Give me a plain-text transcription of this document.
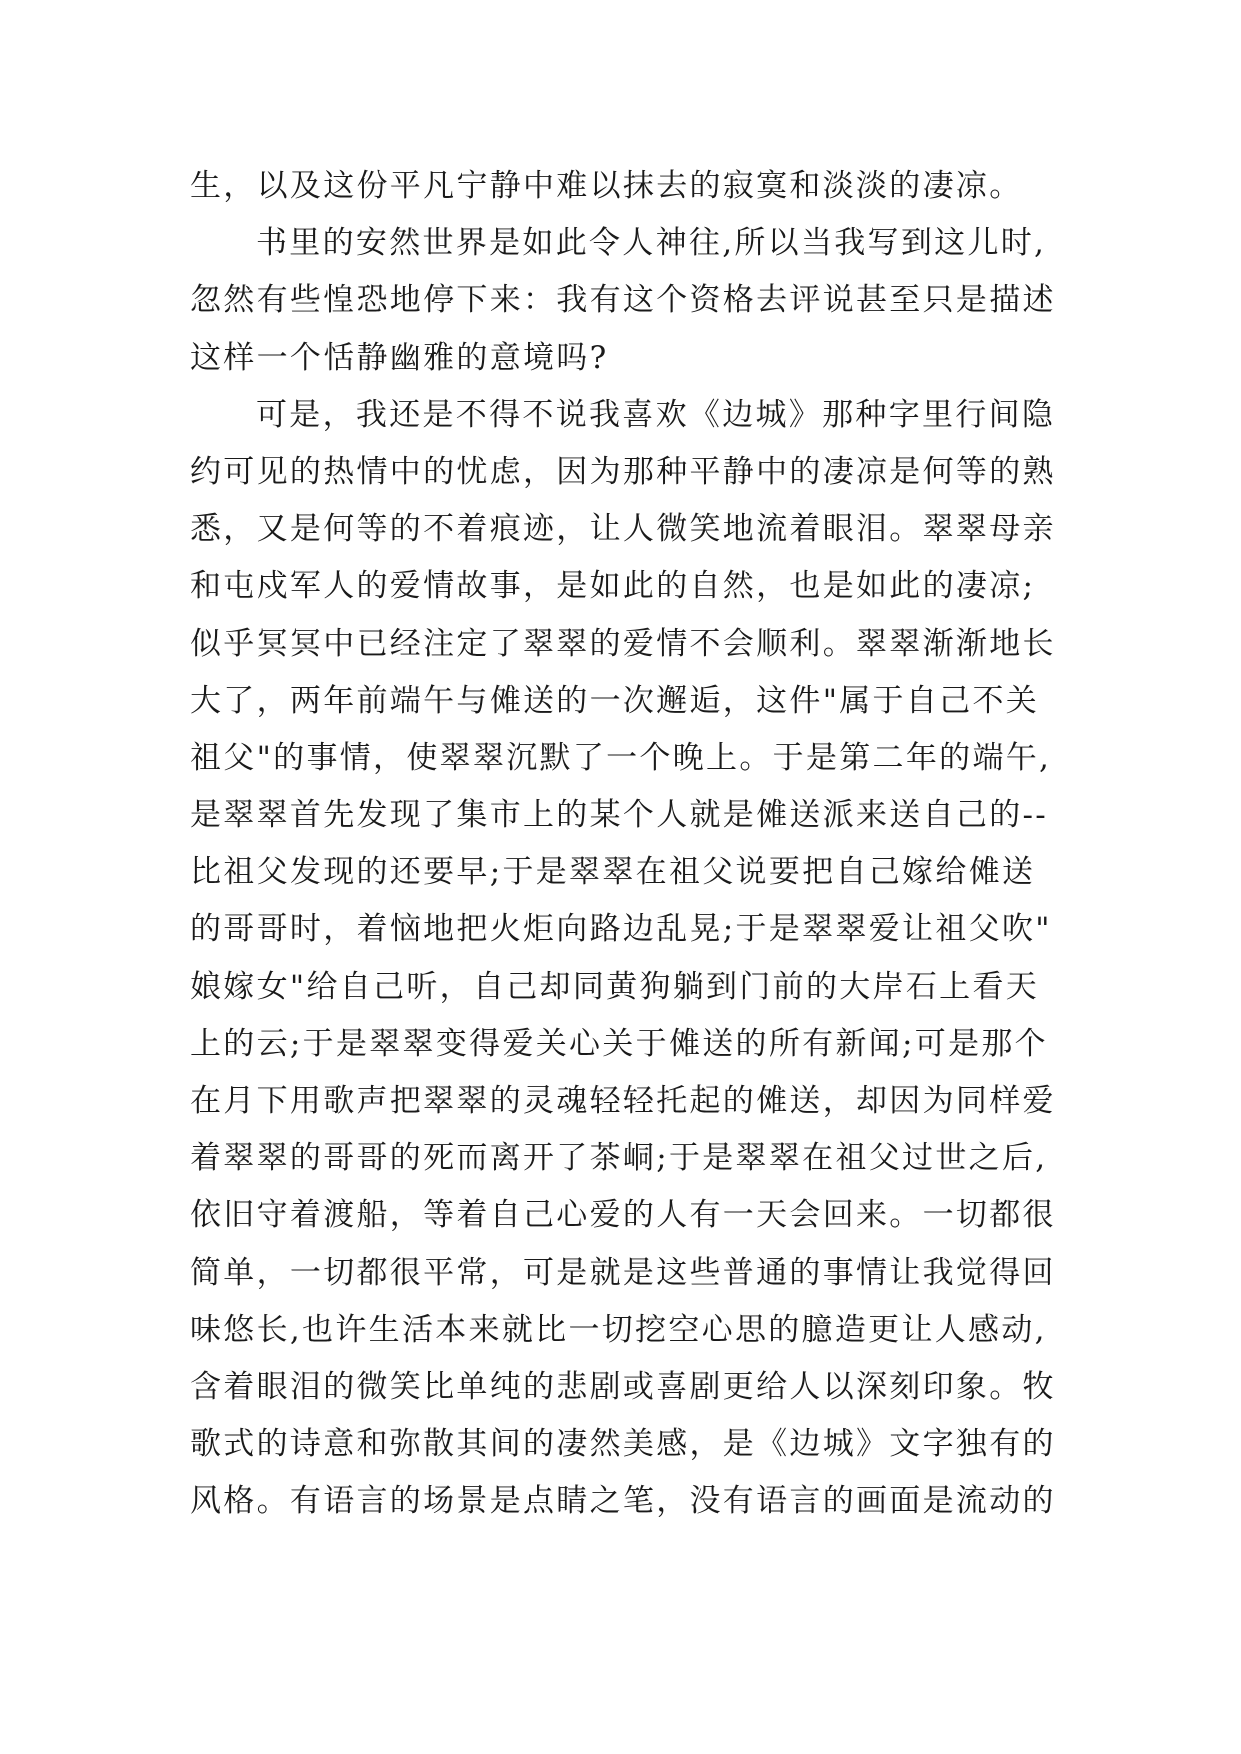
生，以及这份平凡宁静中难以抹去的寂寞和淡淡的凄凉。
书里的安然世界是如此令人神往,所以当我写到这儿时,
忽然有些惶恐地停下来：我有这个资格去评说甚至只是描述
这样一个恬静幽雅的意境吗?
可是，我还是不得不说我喜欢《边城》那种字里行间隐
约可见的热情中的忧虑，因为那种平静中的凄凉是何等的熟
悉，又是何等的不着痕迹，让人微笑地流着眼泪。翠翠母亲
和屯戍军人的爱情故事，是如此的自然，也是如此的凄凉;
似乎冥冥中已经注定了翠翠的爱情不会顺利。翠翠渐渐地长
大了，两年前端午与傩送的一次邂逅，这件"属于自己不关
祖父"的事情，使翠翠沉默了一个晚上。于是第二年的端午,
是翠翠首先发现了集市上的某个人就是傩送派来送自己的--
比祖父发现的还要早;于是翠翠在祖父说要把自己嫁给傩送
的哥哥时，着恼地把火炬向路边乱晃;于是翠翠爱让祖父吹"
娘嫁女"给自己听，自己却同黄狗躺到门前的大岸石上看天
上的云;于是翠翠变得爱关心关于傩送的所有新闻;可是那个
在月下用歌声把翠翠的灵魂轻轻托起的傩送，却因为同样爱
着翠翠的哥哥的死而离开了茶峒;于是翠翠在祖父过世之后,
依旧守着渡船，等着自己心爱的人有一天会回来。一切都很
简单，一切都很平常，可是就是这些普通的事情让我觉得回
味悠长,也许生活本来就比一切挖空心思的臆造更让人感动,
含着眼泪的微笑比单纯的悲剧或喜剧更给人以深刻印象。牧
歌式的诗意和弥散其间的凄然美感，是《边城》文字独有的
风格。有语言的场景是点睛之笔，没有语言的画面是流动的
